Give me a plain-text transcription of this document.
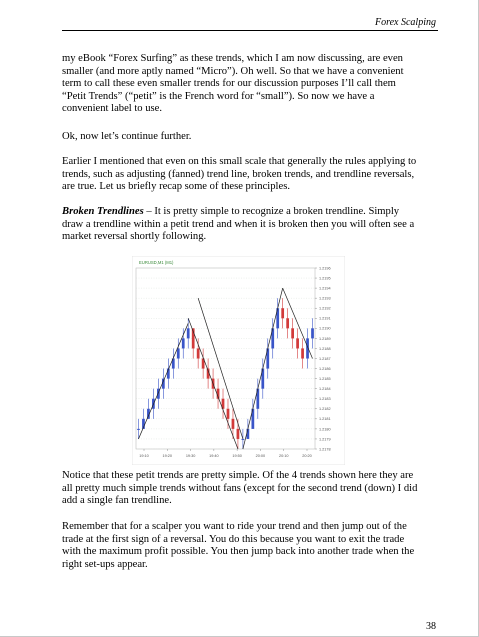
Forex Scalping
my eBook “Forex Surfing” as these trends, which I am now discussing, are even smaller (and more aptly named “Micro”). Oh well. So that we have a convenient term to call these even smaller trends for our discussion purposes I’ll call them “Petit Trends” (“petit” is the French word for “small”). So now we have a convenient label to use.
Ok, now let’s continue further.
Earlier I mentioned that even on this small scale that generally the rules applying to trends, such as adjusting (fanned) trend line, broken trends, and trendline reversals, are true. Let us briefly recap some of these principles.
Broken Trendlines – It is pretty simple to recognize a broken trendline. Simply draw a trendline within a petit trend and when it is broken then you will often see a market reversal shortly following.
EURUSD,M1 (M1)
1.2196
1.2195
1.2194
1.2193
1.2192
1.2191
1.2190
1.2189
1.2188
1.2187
1.2186
1.2185
1.2184
1.2183
1.2182
1.2181
1.2180
1.2179
1.2178
19:10	19:20	19:30	19:40	19:50	20:00	20:10	20:20
Notice that these petit trends are pretty simple. Of the 4 trends shown here they are all pretty much simple trends without fans (except for the second trend (down) I did add a single fan trendline.
Remember that for a scalper you want to ride your trend and then jump out of the trade at the first sign of a reversal. You do this because you want to exit the trade with the maximum profit possible. You then jump back into another trade when the right set-ups appear.
38
